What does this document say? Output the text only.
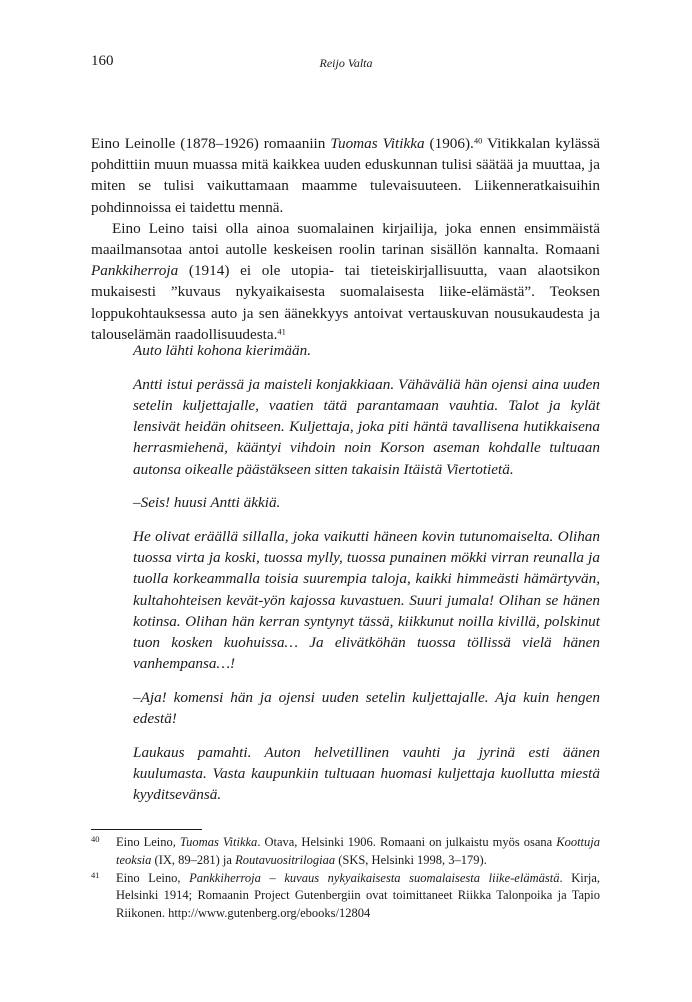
160	Reijo Valta

Eino Leinolle (1878–1926) romaaniin Tuomas Vitikka (1906).$^{40}$ Vitikkalan kylässä pohdittiin muun muassa mitä kaikkea uuden eduskunnan tulisi säätää ja muuttaa, ja miten se tulisi vaikuttamaan maamme tulevaisuuteen. Liikenneratkaisuihin pohdinnoissa ei taidettu mennä.

Eino Leino taisi olla ainoa suomalainen kirjailija, joka ennen ensimmäistä maailmansotaa antoi autolle keskeisen roolin tarinan sisällön kannalta. Romaani Pankkiherroja (1914) ei ole utopia- tai tieteiskirjallisuutta, vaan alaotsikon mukaisesti ”kuvaus nykyaikaisesta suomalaisesta liike-elämästä”. Teoksen loppukohtauksessa auto ja sen äänekkyys antoivat vertauskuvan nousukaudesta ja talouselämän raadollisuudesta.$^{41}$

Auto lähti kohona kierimään.

Antti istui perässä ja maisteli konjakkiaan. Vähäväliä hän ojensi aina uuden setelin kuljettajalle, vaatien tätä parantamaan vauhtia. Talot ja kylät lensivät heidän ohitseen. Kuljettaja, joka piti häntä tavallisena hutikkaisena herrasmiehenä, kääntyi vihdoin noin Korson aseman kohdalle tultuaan autonsa oikealle päästäkseen sitten takaisin Itäistä Viertotietä.

–Seis! huusi Antti äkkiä.

He olivat eräällä sillalla, joka vaikutti häneen kovin tutunomaiselta. Olihan tuossa virta ja koski, tuossa mylly, tuossa punainen mökki virran reunalla ja tuolla korkeammalla toisia suurempia taloja, kaikki himmeästi hämärtyvän, kultahohteisen kevät-yön kajossa kuvastuen. Suuri jumala! Olihan se hänen kotinsa. Olihan hän kerran syntynyt tässä, kiikkunut noilla kivillä, polskinut tuon kosken kuohuissa… Ja elivätköhän tuossa töllissä vielä hänen vanhempansa…!

–Aja! komensi hän ja ojensi uuden setelin kuljettajalle. Aja kuin hengen edestä!

Laukaus pamahti. Auton helvetillinen vauhti ja jyrinä esti äänen kuulumasta. Vasta kaupunkiin tultuaan huomasi kuljettaja kuollutta miestä kyyditsevänsä.

40 Eino Leino, Tuomas Vitikka. Otava, Helsinki 1906. Romaani on julkaistu myös osana Koottuja teoksia (IX, 89–281) ja Routavuositrilogiaa (SKS, Helsinki 1998, 3–179).
41 Eino Leino, Pankkiherroja – kuvaus nykyaikaisesta suomalaisesta liike-elämästä. Kirja, Helsinki 1914; Romaanin Project Gutenbergiin ovat toimittaneet Riikka Talonpoika ja Tapio Riikonen. http://www.gutenberg.org/ebooks/12804
